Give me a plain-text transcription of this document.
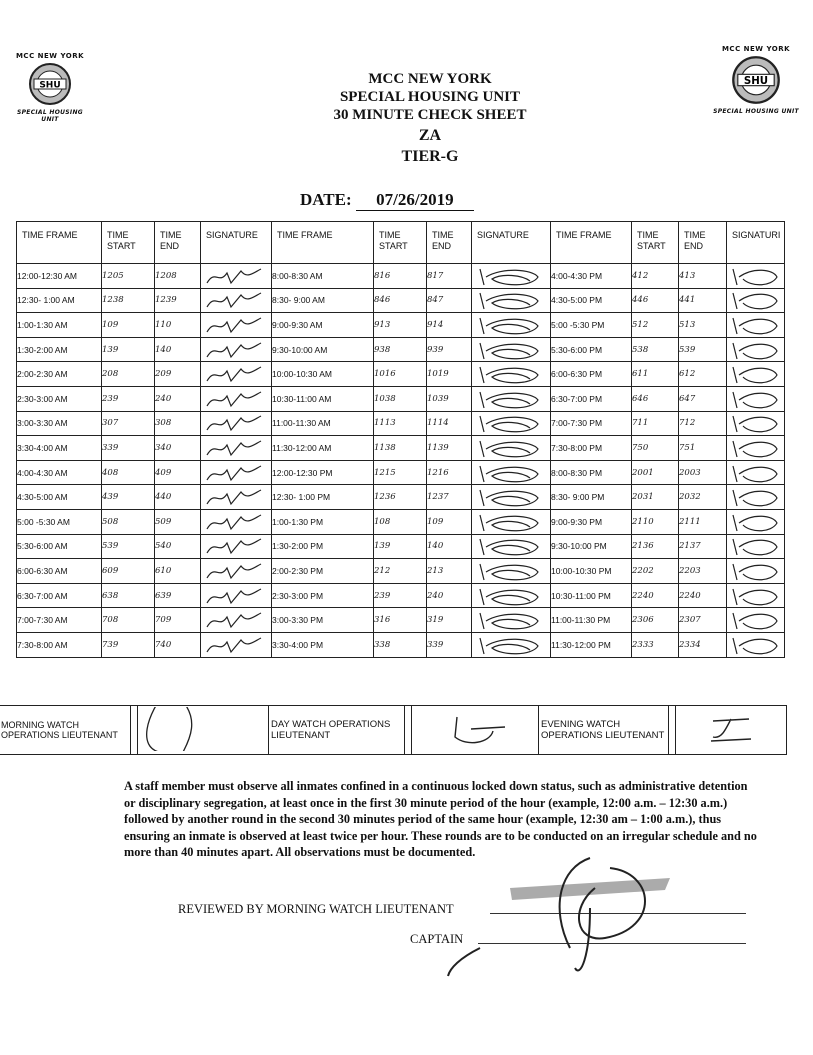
MCC NEW YORK
SHU
SPECIAL HOUSING UNIT
MCC NEW YORK
SHU
SPECIAL HOUSING UNIT
MCC NEW YORK
SPECIAL HOUSING UNIT
30 MINUTE CHECK SHEET
ZA
TIER-G
DATE: 07/26/2019
TIME FRAME	TIME START	TIME END	SIGNATURE	TIME FRAME	TIME START	TIME END	SIGNATURE	TIME FRAME	TIME START	TIME END	SIGNATURI
12:00-12:30 AM	1205	1208		8:00-8:30 AM	816	817		4:00-4:30 PM	412	413	

12:30- 1:00 AM	1238	1239		8:30- 9:00 AM	846	847		4:30-5:00 PM	446	441	

1:00-1:30 AM	109	110		9:00-9:30 AM	913	914		5:00 -5:30 PM	512	513	

1:30-2:00 AM	139	140		9:30-10:00 AM	938	939		5:30-6:00 PM	538	539	

2:00-2:30 AM	208	209		10:00-10:30 AM	1016	1019		6:00-6:30 PM	611	612	

2:30-3:00 AM	239	240		10:30-11:00 AM	1038	1039		6:30-7:00 PM	646	647	

3:00-3:30 AM	307	308		11:00-11:30 AM	1113	1114		7:00-7:30 PM	711	712	

3:30-4:00 AM	339	340		11:30-12:00 AM	1138	1139		7:30-8:00 PM	750	751	

4:00-4:30 AM	408	409		12:00-12:30 PM	1215	1216		8:00-8:30 PM	2001	2003	

4:30-5:00 AM	439	440		12:30- 1:00 PM	1236	1237		8:30- 9:00 PM	2031	2032	

5:00 -5:30 AM	508	509		1:00-1:30 PM	108	109		9:00-9:30 PM	2110	2111	

5:30-6:00 AM	539	540		1:30-2:00 PM	139	140		9:30-10:00 PM	2136	2137	

6:00-6:30 AM	609	610		2:00-2:30 PM	212	213		10:00-10:30 PM	2202	2203	

6:30-7:00 AM	638	639		2:30-3:00 PM	239	240		10:30-11:00 PM	2240	2240	

7:00-7:30 AM	708	709		3:00-3:30 PM	316	319		11:00-11:30 PM	2306	2307	

7:30-8:00 AM	739	740		3:30-4:00 PM	338	339		11:30-12:00 PM	2333	2334	
MORNING WATCH OPERATIONS LIEUTENANT			DAY WATCH OPERATIONS LIEUTENANT			EVENING WATCH OPERATIONS LIEUTENANT		
A staff member must observe all inmates confined in a continuous locked down status, such as administrative detention or disciplinary segregation, at least once in the first 30 minute period of the hour (example, 12:00 a.m. – 12:30 a.m.) followed by another round in the second 30 minutes period of the same hour (example, 12:30 am – 1:00 a.m.), thus ensuring an inmate is observed at least twice per hour. These rounds are to be conducted on an irregular schedule and no more than 40 minutes apart. All observations must be documented.
REVIEWED BY MORNING WATCH LIEUTENANT
CAPTAIN
